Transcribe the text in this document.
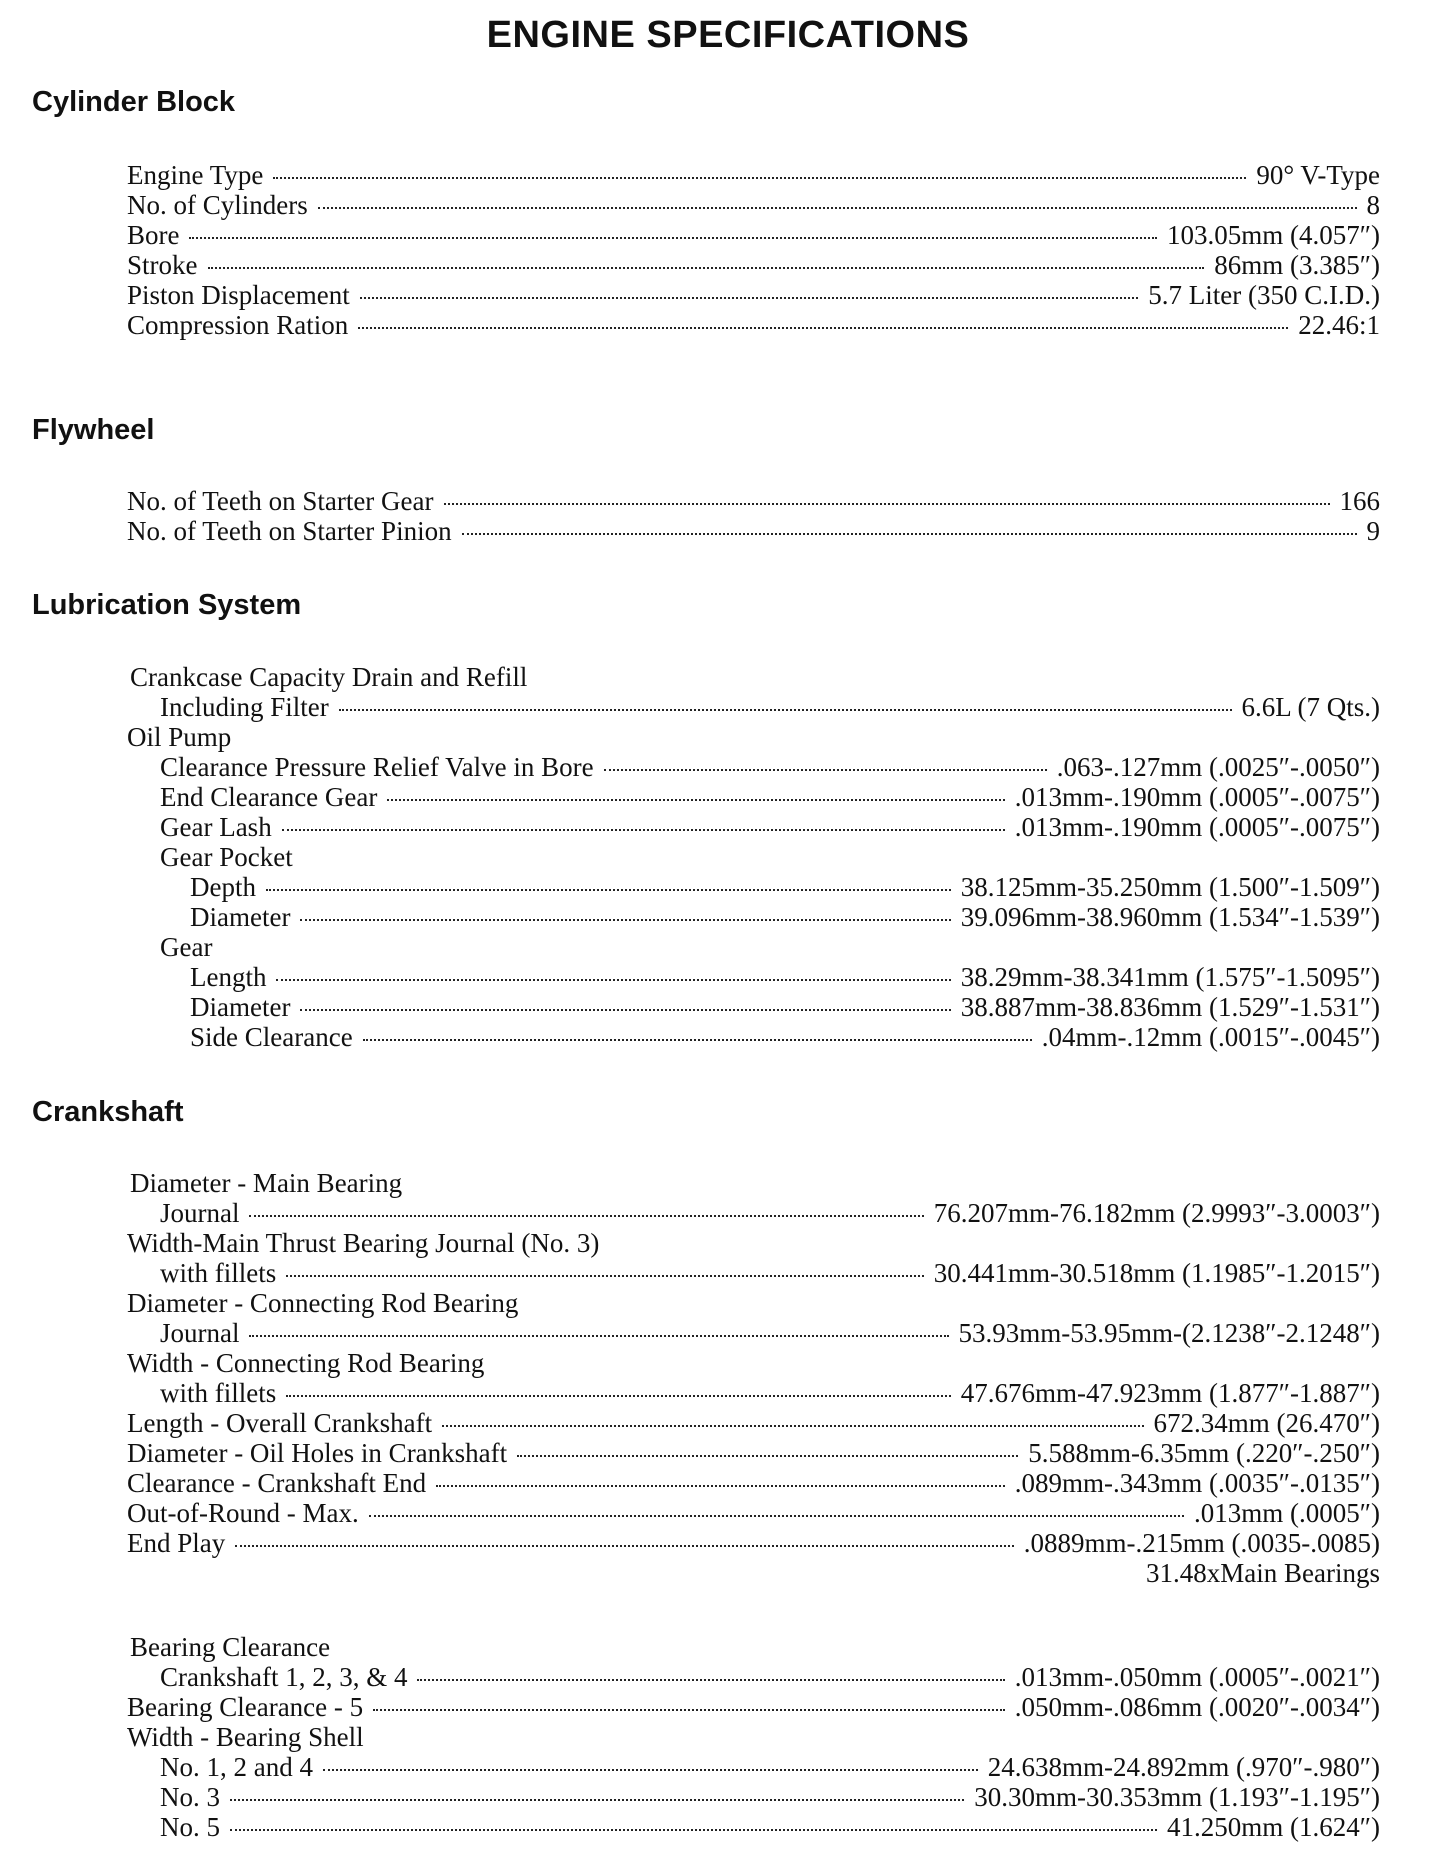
ENGINE SPECIFICATIONS
Cylinder Block
Engine Type	90° V-Type
No. of Cylinders	8
Bore	103.05mm (4.057″)
Stroke	86mm (3.385″)
Piston Displacement	5.7 Liter (350 C.I.D.)
Compression Ration	22.46:1
Flywheel
No. of Teeth on Starter Gear	166
No. of Teeth on Starter Pinion	9
Lubrication System
Crankcase Capacity Drain and Refill
Including Filter	6.6L (7 Qts.)
Oil Pump
Clearance Pressure Relief Valve in Bore	.063-.127mm (.0025″-.0050″)
End Clearance Gear	.013mm-.190mm (.0005″-.0075″)
Gear Lash	.013mm-.190mm (.0005″-.0075″)
Gear Pocket
Depth	38.125mm-35.250mm (1.500″-1.509″)
Diameter	39.096mm-38.960mm (1.534″-1.539″)
Gear
Length	38.29mm-38.341mm (1.575″-1.5095″)
Diameter	38.887mm-38.836mm (1.529″-1.531″)
Side Clearance	.04mm-.12mm (.0015″-.0045″)
Crankshaft
Diameter - Main Bearing
Journal	76.207mm-76.182mm (2.9993″-3.0003″)
Width-Main Thrust Bearing Journal (No. 3)
with fillets	30.441mm-30.518mm (1.1985″-1.2015″)
Diameter - Connecting Rod Bearing
Journal	53.93mm-53.95mm-(2.1238″-2.1248″)
Width - Connecting Rod Bearing
with fillets	47.676mm-47.923mm (1.877″-1.887″)
Length - Overall Crankshaft	672.34mm (26.470″)
Diameter - Oil Holes in Crankshaft	5.588mm-6.35mm (.220″-.250″)
Clearance - Crankshaft End	.089mm-.343mm (.0035″-.0135″)
Out-of-Round - Max.	.013mm (.0005″)
End Play	.0889mm-.215mm (.0035-.0085)
31.48xMain Bearings
Bearing Clearance
Crankshaft 1, 2, 3, & 4	.013mm-.050mm (.0005″-.0021″)
Bearing Clearance - 5	.050mm-.086mm (.0020″-.0034″)
Width - Bearing Shell
No. 1, 2 and 4	24.638mm-24.892mm (.970″-.980″)
No. 3	30.30mm-30.353mm (1.193″-1.195″)
No. 5	41.250mm (1.624″)
